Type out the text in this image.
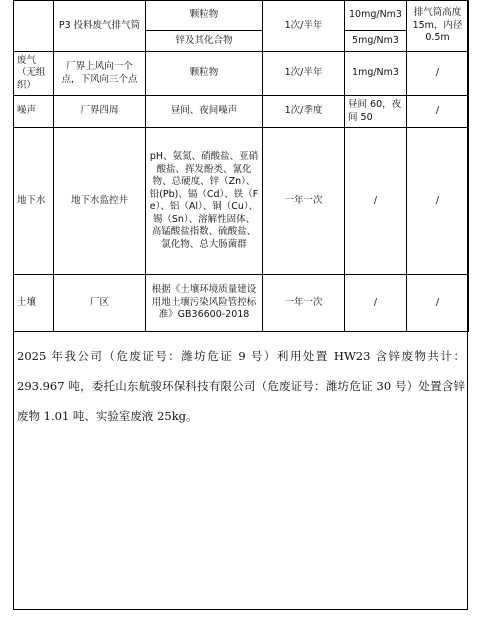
	P3 投料废气排气筒	颗粒物	1次/半年	10mg/Nm3	排气筒高度 15m，内径 0.5m
		锌及其化合物		5mg/Nm3	
废气（无组织）	厂界上风向一个点，下风向三个点	颗粒物	1次/半年	1mg/Nm3	/
噪声	厂界四周	昼间、夜间噪声	1次/季度	昼间 60，夜间 50	/
地下水	地下水监控井	pH、氨氮、硝酸盐、亚硝酸盐、挥发酚类、氰化物、总硬度、锌（Zn）、铅(Pb)、镉（Cd）、铁（Fe）、铝（Al）、铜（Cu）、锡（Sn）、溶解性固体、高锰酸盐指数、硫酸盐、氯化物、总大肠菌群	一年一次	/	/
土壤	厂区	根据《土壤环境质量建设用地土壤污染风险管控标准》GB36600-2018	一年一次	/	/
2025 年我公司（危废证号：潍坊危证 9 号）利用处置 HW23 含锌废物共计：293.967 吨，委托山东航骏环保科技有限公司（危废证号：潍坊危证 30 号）处置含锌废物 1.01 吨、实验室废液 25kg。
